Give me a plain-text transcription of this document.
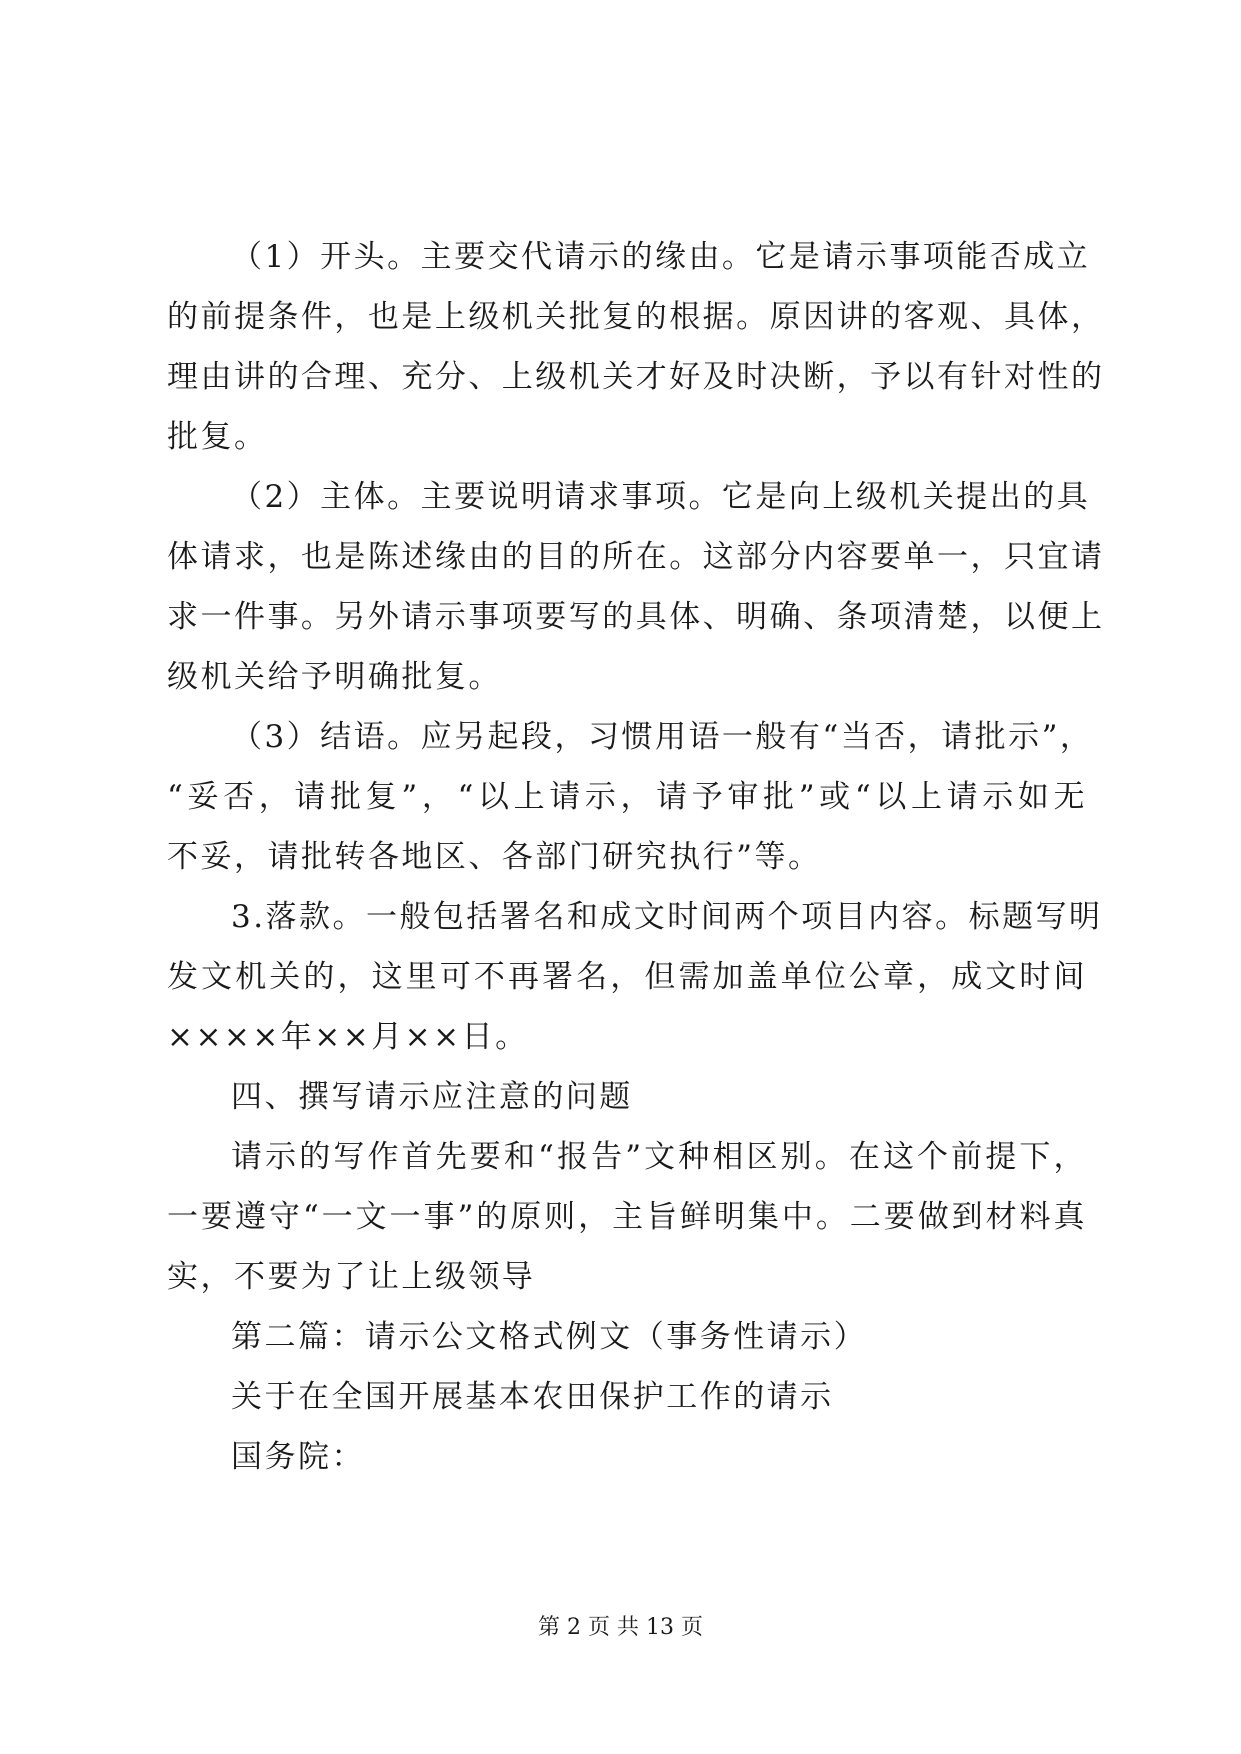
（1）开头。主要交代请示的缘由。它是请示事项能否成立
的前提条件，也是上级机关批复的根据。原因讲的客观、具体，
理由讲的合理、充分、上级机关才好及时决断，予以有针对性的
批复。
（2）主体。主要说明请求事项。它是向上级机关提出的具
体请求，也是陈述缘由的目的所在。这部分内容要单一，只宜请
求一件事。另外请示事项要写的具体、明确、条项清楚，以便上
级机关给予明确批复。
（3）结语。应另起段，习惯用语一般有“当否，请批示”，
“妥否，请批复”，“以上请示，请予审批”或“以上请示如无
不妥，请批转各地区、各部门研究执行”等。
3.落款。一般包括署名和成文时间两个项目内容。标题写明
发文机关的，这里可不再署名，但需加盖单位公章，成文时间
××××年××月××日。
四、撰写请示应注意的问题
请示的写作首先要和“报告”文种相区别。在这个前提下，
一要遵守“一文一事”的原则，主旨鲜明集中。二要做到材料真
实，不要为了让上级领导
第二篇：请示公文格式例文（事务性请示）
关于在全国开展基本农田保护工作的请示
国务院：
第 2 页 共 13 页
